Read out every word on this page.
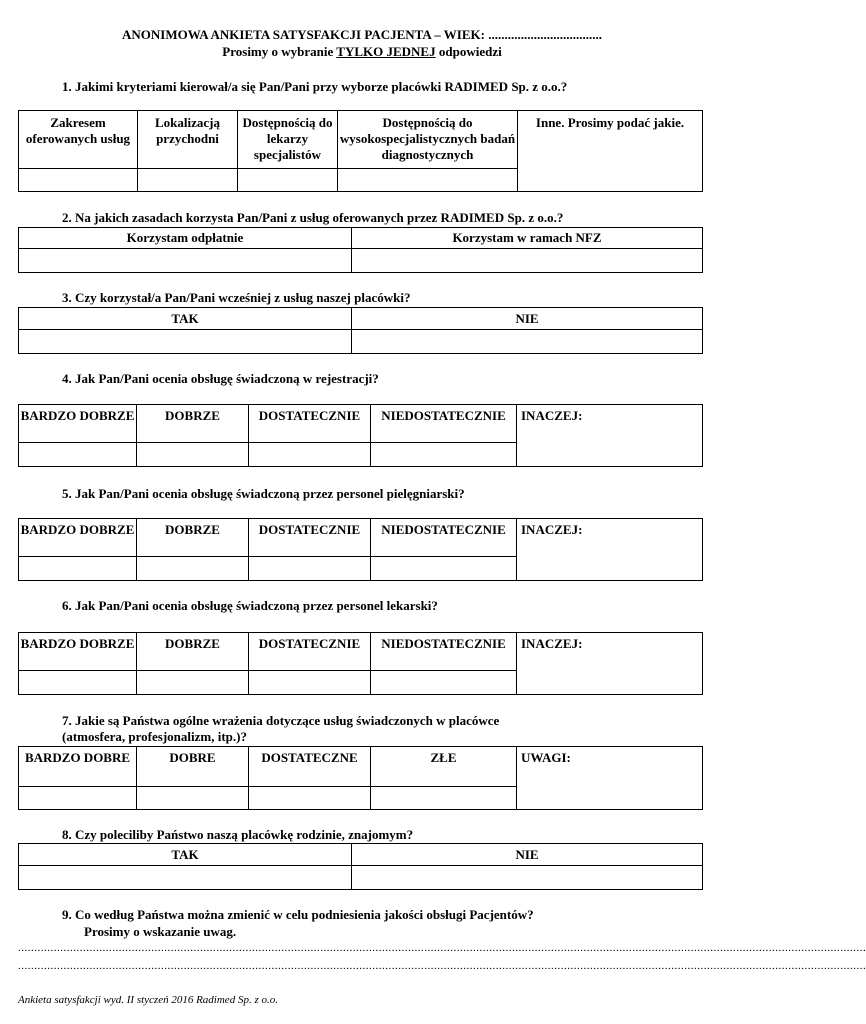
ANONIMOWA ANKIETA SATYSFAKCJI PACJENTA – WIEK: ...................................
Prosimy o wybranie TYLKO JEDNEJ odpowiedzi
1. Jakimi kryteriami kierował/a się Pan/Pani przy wyborze placówki RADIMED Sp. z o.o.?
Zakresem oferowanych usług	Lokalizacją przychodni	Dostępnością do lekarzy specjalistów	Dostępnością do wysokospecjalistycznych badań diagnostycznych	Inne. Prosimy podać jakie.

2. Na jakich zasadach korzysta Pan/Pani z usług oferowanych przez RADIMED Sp. z o.o.?
Korzystam odpłatnie	Korzystam w ramach NFZ

3. Czy korzystał/a Pan/Pani wcześniej z usług naszej placówki?
TAK	NIE

4. Jak Pan/Pani ocenia obsługę świadczoną w rejestracji?
BARDZO DOBRZE	DOBRZE	DOSTATECZNIE	NIEDOSTATECZNIE	INACZEJ:

5. Jak Pan/Pani ocenia obsługę świadczoną przez personel pielęgniarski?
BARDZO DOBRZE	DOBRZE	DOSTATECZNIE	NIEDOSTATECZNIE	INACZEJ:

6. Jak Pan/Pani ocenia obsługę świadczoną przez personel lekarski?
BARDZO DOBRZE	DOBRZE	DOSTATECZNIE	NIEDOSTATECZNIE	INACZEJ:

7. Jakie są Państwa ogólne wrażenia dotyczące usług świadczonych w placówce
(atmosfera, profesjonalizm, itp.)?
BARDZO DOBRE	DOBRE	DOSTATECZNE	ZŁE	UWAGI:

8. Czy poleciliby Państwo naszą placówkę rodzinie, znajomym?
TAK	NIE

9. Co według Państwa można zmienić w celu podniesienia jakości obsługi Pacjentów?
Prosimy o wskazanie uwag.
.....................................................................................................................................................................................................................................................................
.....................................................................................................................................................................................................................................................................
Ankieta satysfakcji wyd. II styczeń 2016 Radimed Sp. z o.o.
